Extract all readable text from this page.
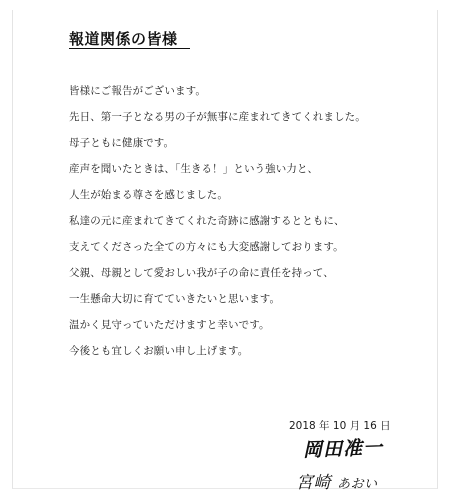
報道関係の皆様
皆様にご報告がございます。
先日、第一子となる男の子が無事に産まれてきてくれました。
母子ともに健康です。
産声を聞いたときは、「生きる！」という強い力と、
人生が始まる尊さを感じました。
私達の元に産まれてきてくれた奇跡に感謝するとともに、
支えてくださった全ての方々にも大変感謝しております。
父親、母親として愛おしい我が子の命に責任を持って、
一生懸命大切に育てていきたいと思います。
温かく見守っていただけますと幸いです。
今後とも宜しくお願い申し上げます。
2018 年 10 月 16 日
岡田准一
宮崎 あおい
